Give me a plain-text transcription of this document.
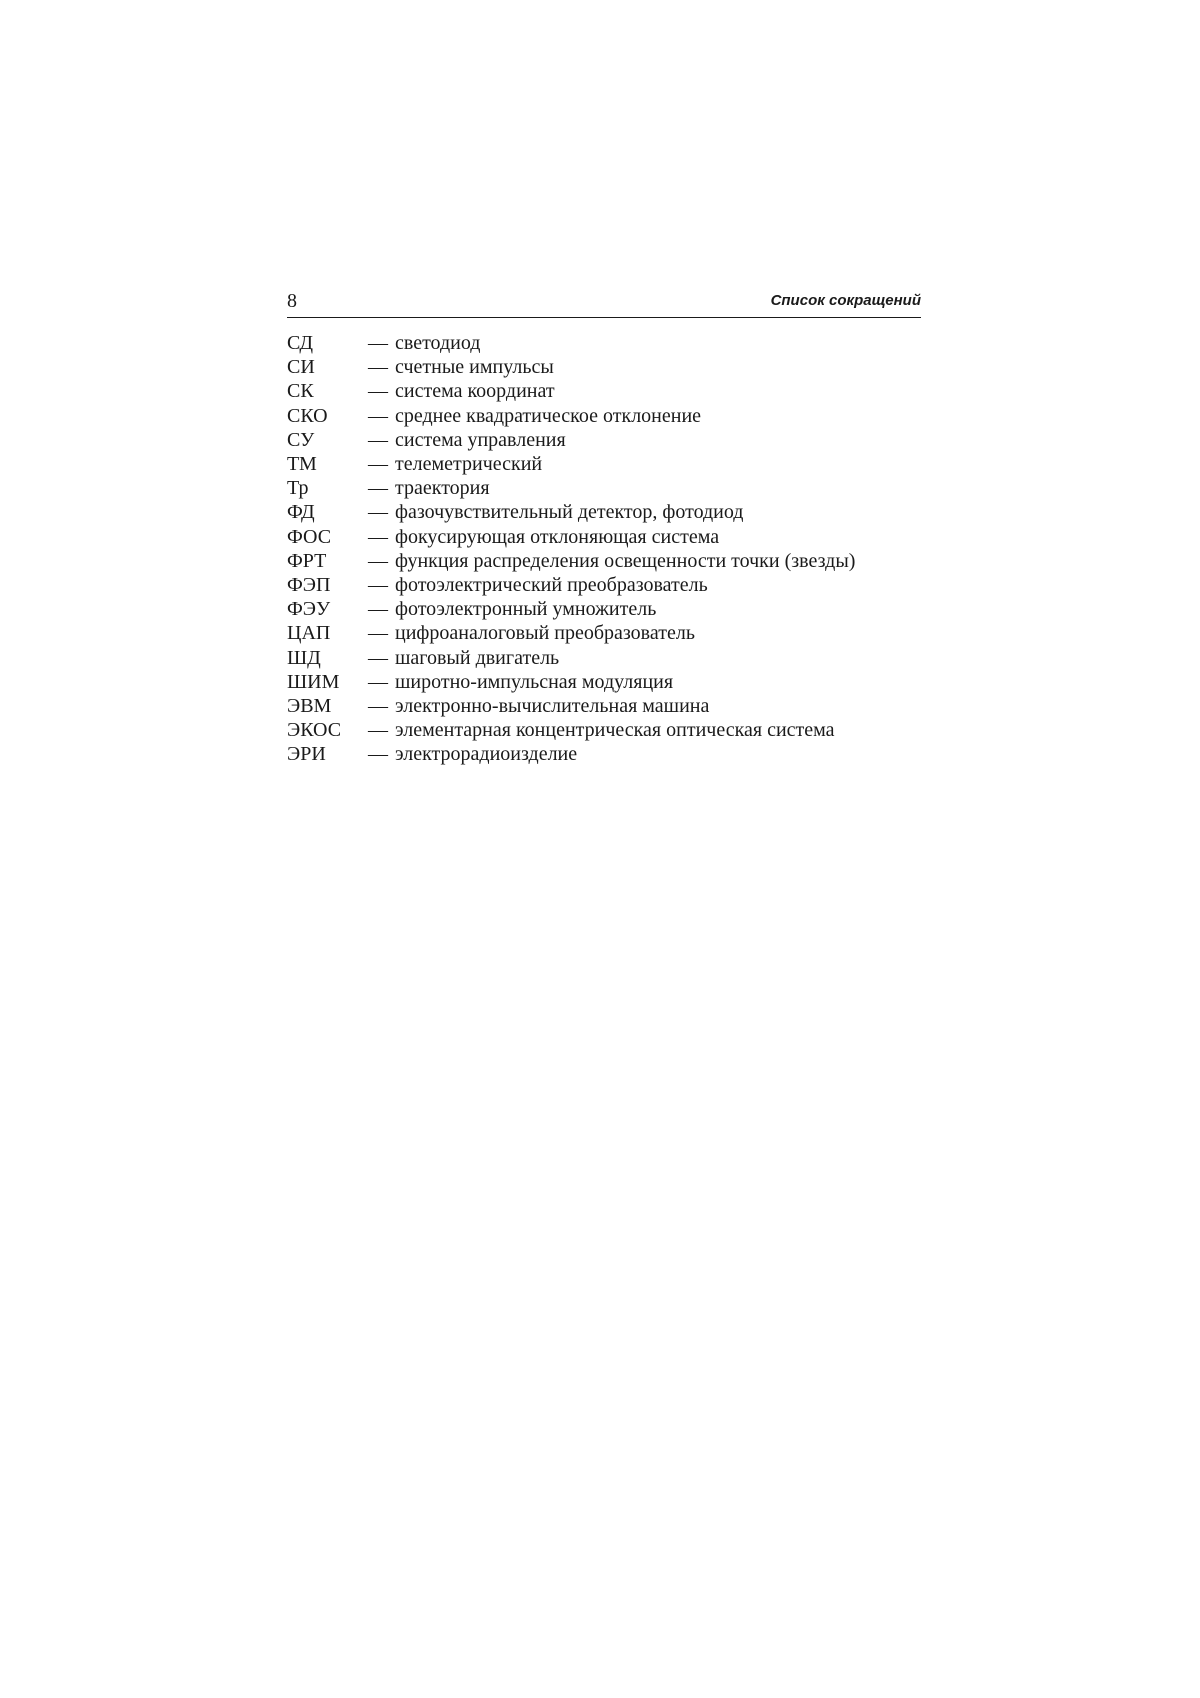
8	Список сокращений
СД	— светодиод
СИ	— счетные импульсы
СК	— система координат
СКО	— среднее квадратическое отклонение
СУ	— система управления
ТМ	— телеметрический
Тр	— траектория
ФД	— фазочувствительный детектор, фотодиод
ФОС	— фокусирующая отклоняющая система
ФРТ	— функция распределения освещенности точки (звезды)
ФЭП	— фотоэлектрический преобразователь
ФЭУ	— фотоэлектронный умножитель
ЦАП	— цифроаналоговый преобразователь
ШД	— шаговый двигатель
ШИМ	— широтно-импульсная модуляция
ЭВМ	— электронно-вычислительная машина
ЭКОС	— элементарная концентрическая оптическая система
ЭРИ	— электрорадиоизделие
